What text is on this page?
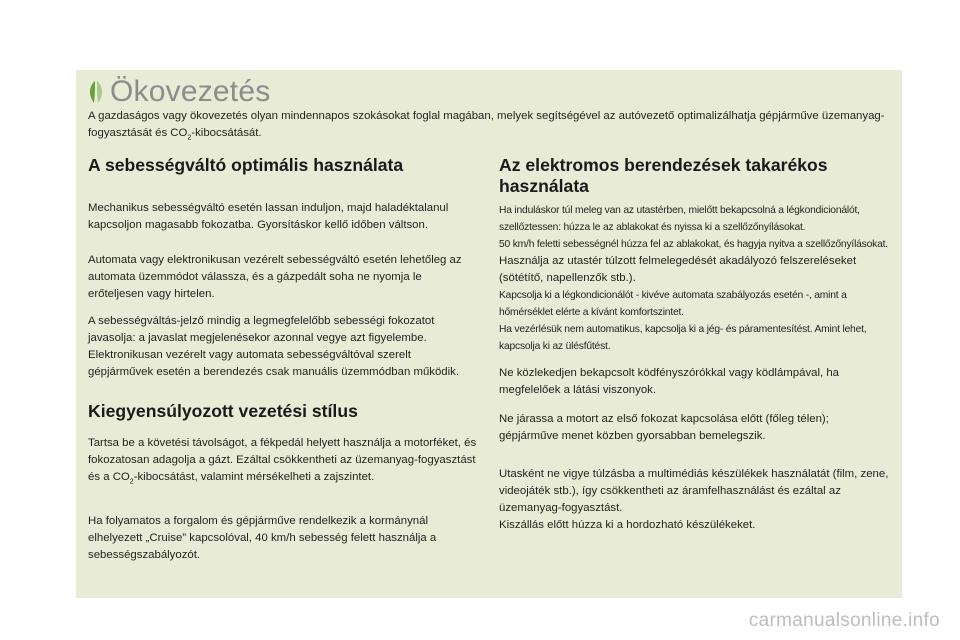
Ökovezetés
A gazdaságos vagy ökovezetés olyan mindennapos szokásokat foglal magában, melyek segítségével az autóvezető optimalizálhatja gépjárműve üzemanyag-fogyasztását és $CO_2$-kibocsátását.
A sebességváltó optimális használata

Mechanikus sebességváltó esetén lassan induljon, majd haladéktalanul kapcsoljon magasabb fokozatba. Gyorsításkor kellő időben váltson.

Automata vagy elektronikusan vezérelt sebességváltó esetén lehetőleg az automata üzemmódot válassza, és a gázpedált soha ne nyomja le erőteljesen vagy hirtelen.

A sebességváltás-jelző mindig a legmegfelelőbb sebességi fokozatot javasolja: a javaslat megjelenésekor azonnal vegye azt figyelembe. Elektronikusan vezérelt vagy automata sebességváltóval szerelt gépjárművek esetén a berendezés csak manuális üzemmódban működik.

Kiegyensúlyozott vezetési stílus

Tartsa be a követési távolságot, a fékpedál helyett használja a motorféket, és fokozatosan adagolja a gázt. Ezáltal csökkentheti az üzemanyag-fogyasztást és a $CO_2$-kibocsátást, valamint mérsékelheti a zajszintet.

Ha folyamatos a forgalom és gépjárműve rendelkezik a kormánynál elhelyezett „Cruise” kapcsolóval, 40 km/h sebesség felett használja a sebességszabályozót.

Az elektromos berendezések takarékos használata

Ha induláskor túl meleg van az utastérben, mielőtt bekapcsolná a légkondicionálót, szellőztessen: húzza le az ablakokat és nyissa ki a szellőzőnyílásokat.

50 km/h feletti sebességnél húzza fel az ablakokat, és hagyja nyitva a szellőzőnyílásokat.

Használja az utastér túlzott felmelegedését akadályozó felszereléseket (sötétítő, napellenzők stb.).

Kapcsolja ki a légkondicionálót - kivéve automata szabályozás esetén -, amint a hőmérséklet elérte a kívánt komfortszintet.

Ha vezérlésük nem automatikus, kapcsolja ki a jég- és páramentesítést. Amint lehet, kapcsolja ki az ülésfűtést.

Ne közlekedjen bekapcsolt ködfényszórókkal vagy ködlámpával, ha megfelelőek a látási viszonyok.

Ne járassa a motort az első fokozat kapcsolása előtt (főleg télen); gépjárműve menet közben gyorsabban bemelegszik.

Utasként ne vigye túlzásba a multimédiás készülékek használatát (film, zene, videojáték stb.), így csökkentheti az áramfelhasználást és ezáltal az üzemanyag-fogyasztást.

Kiszállás előtt húzza ki a hordozható készülékeket.

carmanualsonline.info
